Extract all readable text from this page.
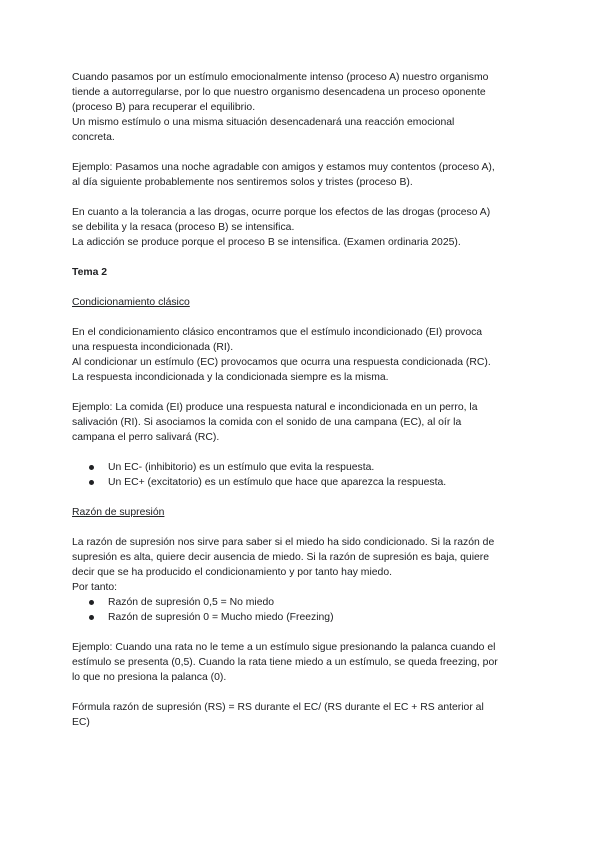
Cuando pasamos por un estímulo emocionalmente intenso (proceso A) nuestro organismo

tiende a autorregularse, por lo que nuestro organismo desencadena un proceso oponente

(proceso B) para recuperar el equilibrio.

Un mismo estímulo o una misma situación desencadenará una reacción emocional

concreta.

Ejemplo: Pasamos una noche agradable con amigos y estamos muy contentos (proceso A),

al día siguiente probablemente nos sentiremos solos y tristes (proceso B).

En cuanto a la tolerancia a las drogas, ocurre porque los efectos de las drogas (proceso A)

se debilita y la resaca (proceso B) se intensifica.

La adicción se produce porque el proceso B se intensifica. (Examen ordinaria 2025).

Tema 2

Condicionamiento clásico

En el condicionamiento clásico encontramos que el estímulo incondicionado (EI) provoca

una respuesta incondicionada (RI).

Al condicionar un estímulo (EC) provocamos que ocurra una respuesta condicionada (RC).

La respuesta incondicionada y la condicionada siempre es la misma.

Ejemplo: La comida (EI) produce una respuesta natural e incondicionada en un perro, la

salivación (RI). Si asociamos la comida con el sonido de una campana (EC), al oír la

campana el perro salivará (RC).

Un EC- (inhibitorio) es un estímulo que evita la respuesta.
Un EC+ (excitatorio) es un estímulo que hace que aparezca la respuesta.

Razón de supresión

La razón de supresión nos sirve para saber si el miedo ha sido condicionado. Si la razón de

supresión es alta, quiere decir ausencia de miedo. Si la razón de supresión es baja, quiere

decir que se ha producido el condicionamiento y por tanto hay miedo.

Por tanto:

Razón de supresión 0,5 = No miedo
Razón de supresión 0 = Mucho miedo (Freezing)

Ejemplo: Cuando una rata no le teme a un estímulo sigue presionando la palanca cuando el

estímulo se presenta (0,5). Cuando la rata tiene miedo a un estímulo, se queda freezing, por

lo que no presiona la palanca (0).

Fórmula razón de supresión (RS) = RS durante el EC/ (RS durante el EC + RS anterior al

EC)
